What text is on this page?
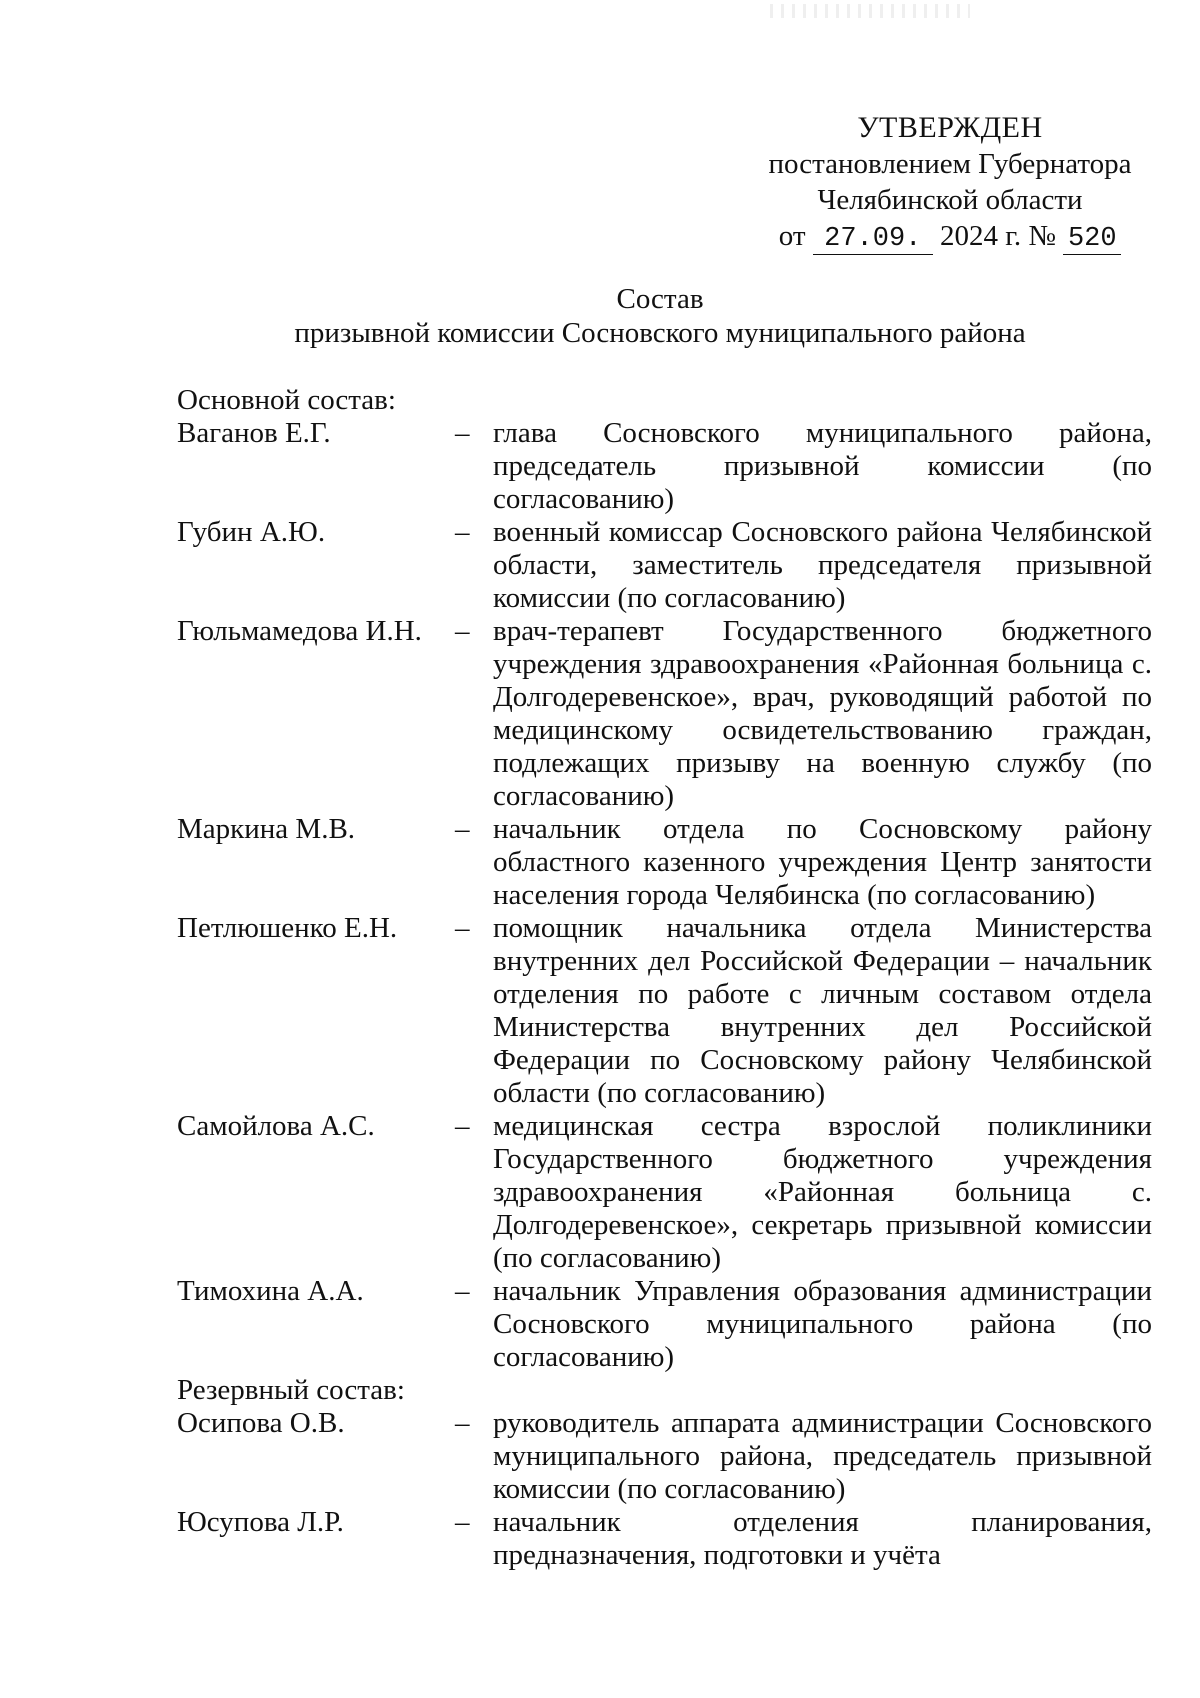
УТВЕРЖДЕН
постановлением Губернатора
Челябинской области
от 27.09. 2024 г. № 520
Состав
призывной комиссии Сосновского муниципального района
Основной состав:
Ваганов Е.Г.	– глава Сосновского муниципального района, председатель призывной комиссии (по согласованию)
Губин А.Ю.	– военный комиссар Сосновского района Челябинской области, заместитель председателя призывной комиссии (по согласованию)
Гюльмамедова И.Н.	– врач-терапевт Государственного бюджетного учреждения здравоохранения «Районная больница с. Долгодеревенское», врач, руководящий работой по медицинскому освидетельствованию граждан, подлежащих призыву на военную службу (по согласованию)
Маркина М.В.	– начальник отдела по Сосновскому району областного казенного учреждения Центр занятости населения города Челябинска (по согласованию)
Петлюшенко Е.Н.	– помощник начальника отдела Министерства внутренних дел Российской Федерации – начальник отделения по работе с личным составом отдела Министерства внутренних дел Российской Федерации по Сосновскому району Челябинской области (по согласованию)
Самойлова А.С.	– медицинская сестра взрослой поликлиники Государственного бюджетного учреждения здравоохранения «Районная больница с. Долгодеревенское», секретарь призывной комиссии (по согласованию)
Тимохина А.А.	– начальник Управления образования администрации Сосновского муниципального района (по согласованию)
Резервный состав:
Осипова О.В.	– руководитель аппарата администрации Сосновского муниципального района, председатель призывной комиссии (по согласованию)
Юсупова Л.Р.	– начальник отделения планирования, предназначения, подготовки и учёта
